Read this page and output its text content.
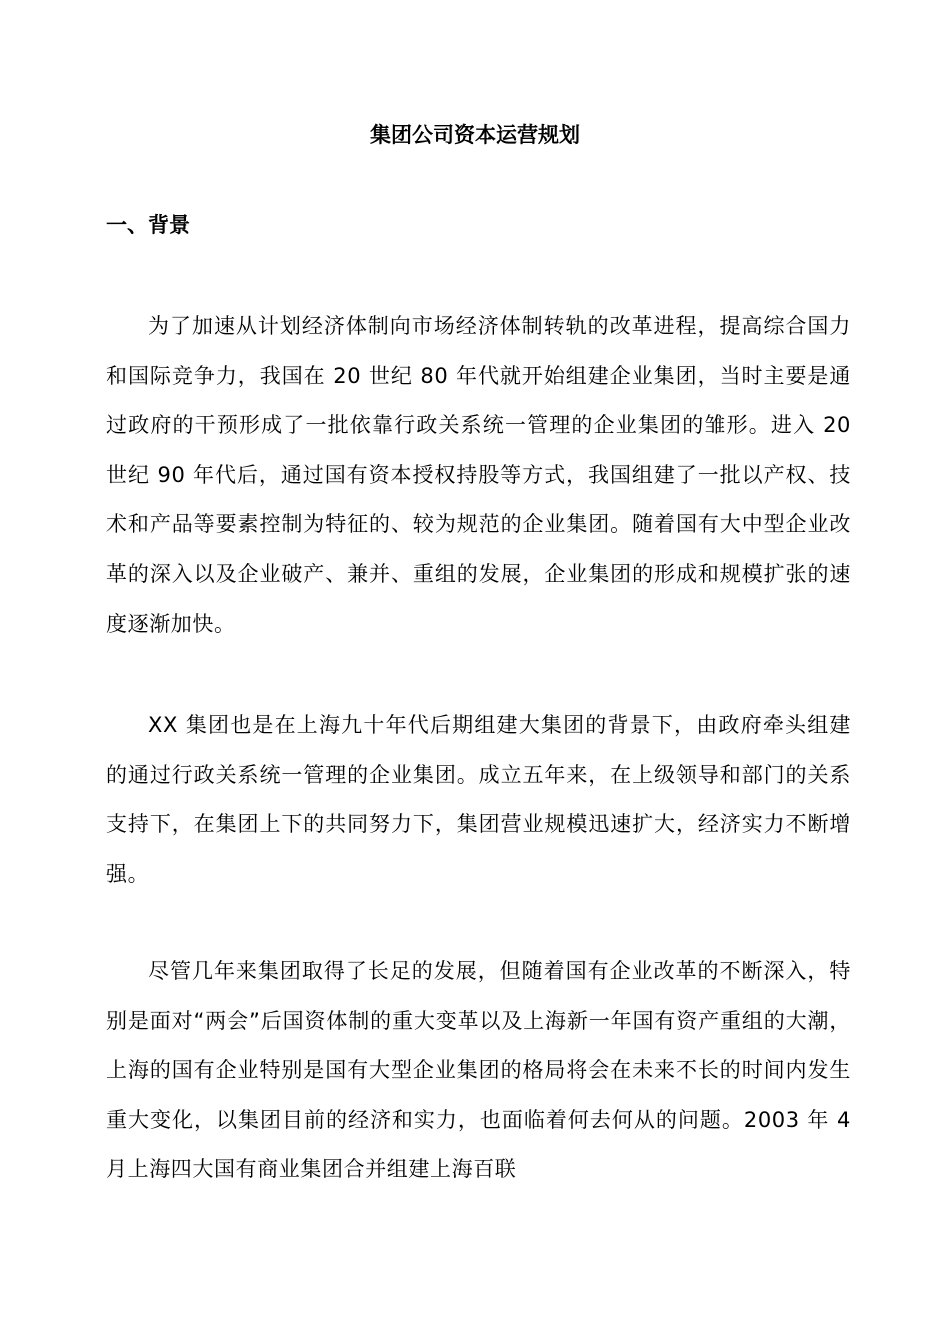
集团公司资本运营规划
一、背景

为了加速从计划经济体制向市场经济体制转轨的改革进程，提高综合国力和国际竞争力，我国在 20 世纪 80 年代就开始组建企业集团，当时主要是通过政府的干预形成了一批依靠行政关系统一管理的企业集团的雏形。进入 20 世纪 90 年代后，通过国有资本授权持股等方式，我国组建了一批以产权、技术和产品等要素控制为特征的、较为规范的企业集团。随着国有大中型企业改革的深入以及企业破产、兼并、重组的发展，企业集团的形成和规模扩张的速度逐渐加快。

XX 集团也是在上海九十年代后期组建大集团的背景下，由政府牵头组建的通过行政关系统一管理的企业集团。成立五年来，在上级领导和部门的关系支持下，在集团上下的共同努力下，集团营业规模迅速扩大，经济实力不断增强。

尽管几年来集团取得了长足的发展，但随着国有企业改革的不断深入，特别是面对“两会”后国资体制的重大变革以及上海新一年国有资产重组的大潮，上海的国有企业特别是国有大型企业集团的格局将会在未来不长的时间内发生重大变化，以集团目前的经济和实力，也面临着何去何从的问题。2003 年 4 月上海四大国有商业集团合并组建上海百联
